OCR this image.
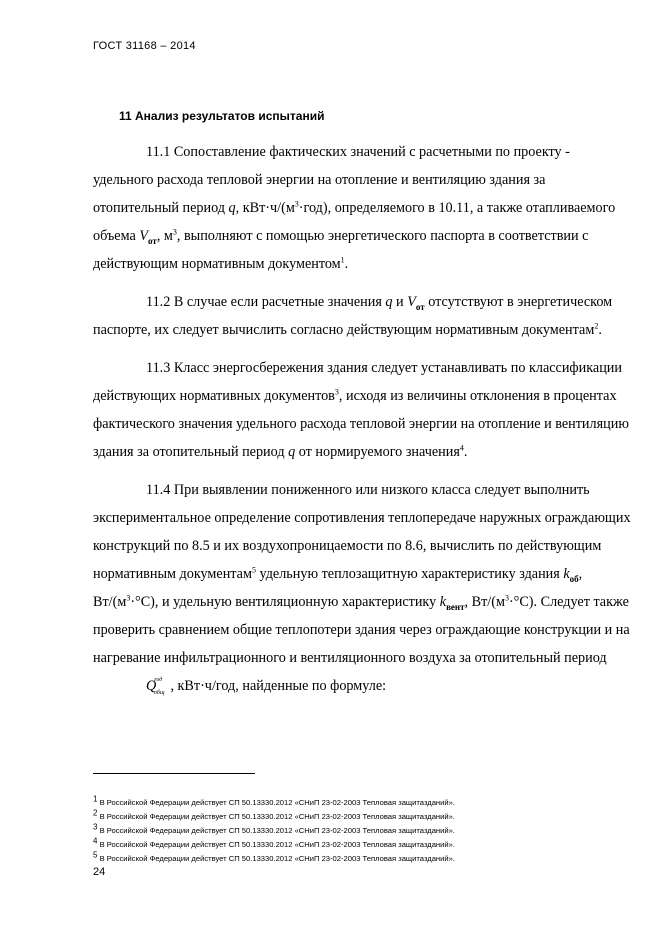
ГОСТ 31168 – 2014
11 Анализ результатов испытаний

11.1 Сопоставление фактических значений с расчетными по проекту - удельного расхода тепловой энергии на отопление и вентиляцию здания за отопительный период q, $кВт\cdot ч/(м^3\cdot год)$, определяемого в 10.11, а также отапливаемого объема $V_{от}$, $м^3$, выполняют с помощью энергетического паспорта в соответствии с действующим нормативным документом$^1$.

11.2 В случае если расчетные значения q и $V_{от}$ отсутствуют в энергетическом паспорте, их следует вычислить согласно действующим нормативным документам$^2$.

11.3 Класс энергосбережения здания следует устанавливать по классификации действующих нормативных документов$^3$, исходя из величины отклонения в процентах фактического значения удельного расхода тепловой энергии на отопление и вентиляцию здания за отопительный период q от нормируемого значения$^4$.

11.4 При выявлении пониженного или низкого класса следует выполнить экспериментальное определение сопротивления теплопередаче наружных ограждающих конструкций по 8.5 и их воздухопроницаемости по 8.6, вычислить по действующим нормативным документам$^5$ удельную теплозащитную характеристику здания $k_{об}$, $Вт/(м^3\cdot^\circ С)$, и удельную вентиляционную характеристику $k_{вент}$, $Вт/(м^3\cdot^\circ С)$. Следует также проверить сравнением общие теплопотери здания через ограждающие конструкции и на нагревание инфильтрационного и вентиляционного воздуха за отопительный период Q
год
общ , кВт·ч/год, найденные по формуле:

$^1$ В Российской Федерации действует СП 50.13330.2012 «СНиП 23-02-2003 Тепловая защитазданий».
$^2$ В Российской Федерации действует СП 50.13330.2012 «СНиП 23-02-2003 Тепловая защитазданий».
$^3$ В Российской Федерации действует СП 50.13330.2012 «СНиП 23-02-2003 Тепловая защитазданий».
$^4$ В Российской Федерации действует СП 50.13330.2012 «СНиП 23-02-2003 Тепловая защитазданий».
$^5$ В Российской Федерации действует СП 50.13330.2012 «СНиП 23-02-2003 Тепловая защитазданий».
24
